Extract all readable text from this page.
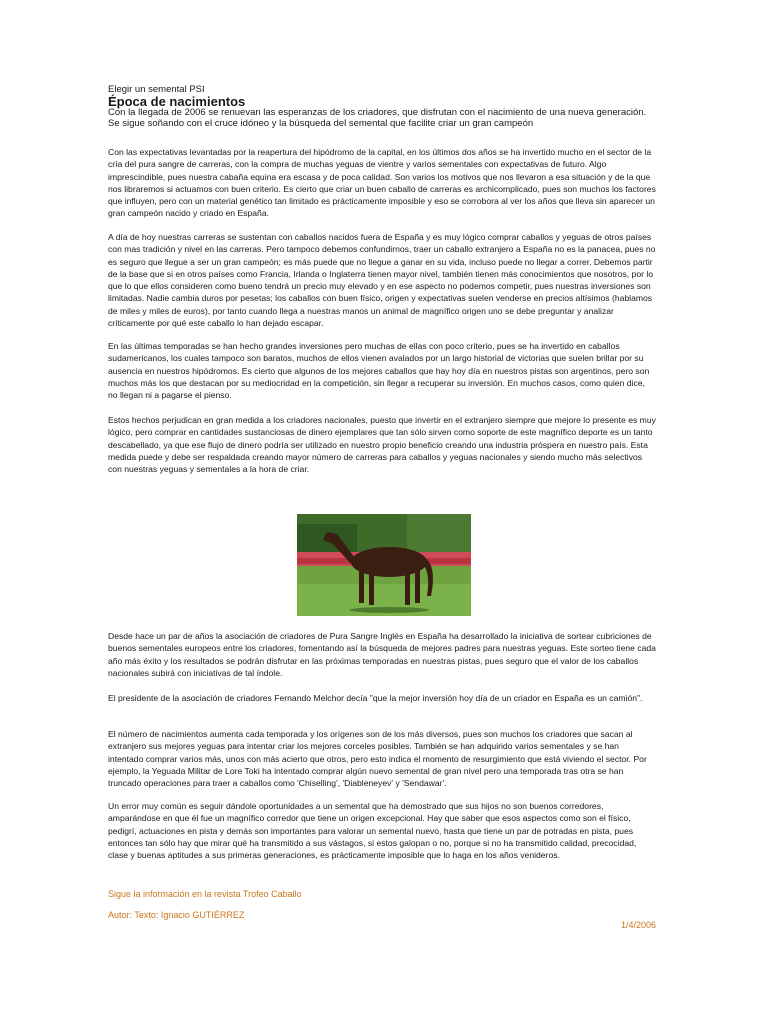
Elegir un semental PSI

Época de nacimientos

Con la llegada de 2006 se renuevan las esperanzas de los criadores, que disfrutan con el nacimiento de una nueva generación. Se sigue soñando con el cruce idóneo y la búsqueda del semental que facilite criar un gran campeón

Con las expectativas levantadas por la reapertura del hipódromo de la capital, en los últimos dos años se ha invertido mucho en el sector de la cría del pura sangre de carreras, con la compra de muchas yeguas de vientre y varios sementales con expectativas de futuro. Algo imprescindible, pues nuestra cabaña equina era escasa y de poca calidad. Son varios los motivos que nos llevaron a esa situación y de la que nos libraremos si actuamos con buen criterio. Es cierto que criar un buen caballo de carreras es archicomplicado, pues son muchos los factores que influyen, pero con un material genético tan limitado es prácticamente imposible y eso se corrobora al ver los años que lleva sin aparecer un gran campeón nacido y criado en España.

A día de hoy nuestras carreras se sustentan con caballos nacidos fuera de España y es muy lógico comprar caballos y yeguas de otros países con mas tradición y nivel en las carreras. Pero tampoco debemos confundirnos, traer un caballo extranjero a España no es la panacea, pues no es seguro que llegue a ser un gran campeón; es más puede que no llegue a ganar en su vida, incluso puede no llegar a correr. Debemos partir de la base que si en otros países como Francia, Irlanda o Inglaterra tienen mayor nivel, también tienen más conocimientos que nosotros, por lo que lo que ellos consideren como bueno tendrá un precio muy elevado y en ese aspecto no podemos competir, pues nuestras inversiones son limitadas. Nadie cambia duros por pesetas; los caballos con buen físico, origen y expectativas suelen venderse en precios altísimos (hablamos de miles y miles de euros), por tanto cuando llega a nuestras manos un animal de magnífico origen uno se debe preguntar y analizar críticamente por qué este caballo lo han dejado escapar.

En las últimas temporadas se han hecho grandes inversiones pero muchas de ellas con poco criterio, pues se ha invertido en caballos sudamericanos, los cuales tampoco son baratos, muchos de ellos vienen avalados por un largo historial de victorias que suelen brillar por su ausencia en nuestros hipódromos. Es cierto que algunos de los mejores caballos que hay hoy día en nuestros pistas son argentinos, pero son muchos más los que destacan por su mediocridad en la competición, sin llegar a recuperar su inversión. En muchos casos, como quien dice, no llegan ni a pagarse el pienso.

Estos hechos perjudican en gran medida a los criadores nacionales, puesto que invertir en el extranjero siempre que mejore lo presente es muy lógico, pero comprar en cantidades sustanciosas de dinero ejemplares que tan sólo sirven como soporte de este magnífico deporte es un tanto descabellado, ya que ese flujo de dinero podría ser utilizado en nuestro propio beneficio creando una industria próspera en nuestro país. Esta medida puede y debe ser respaldada creando mayor número de carreras para caballos y yeguas nacionales y siendo mucho más selectivos con nuestras yeguas y sementales a la hora de criar.

Desde hace un par de años la asociación de criadores de Pura Sangre Inglés en España ha desarrollado la iniciativa de sortear cubriciones de buenos sementales europeos entre los criadores, fomentando así la búsqueda de mejores padres para nuestras yeguas. Este sorteo tiene cada año más éxito y los resultados se podrán disfrutar en las próximas temporadas en nuestras pistas, pues seguro que el valor de los caballos nacionales subirá con iniciativas de tal índole.

El presidente de la asociación de criadores Fernando Melchor decía "que la mejor inversión hoy día de un criador en España es un camión".

El número de nacimientos aumenta cada temporada y los orígenes son de los más diversos, pues son muchos los criadores que sacan al extranjero sus mejores yeguas para intentar criar los mejores corceles posibles. También se han adquirido varios sementales y se han intentado comprar varios más, unos con más acierto que otros, pero esto indica el momento de resurgimiento que está viviendo el sector. Por ejemplo, la Yeguada Militar de Lore Toki ha intentado comprar algún nuevo semental de gran nivel pero una temporada tras otra se han truncado operaciones para traer a caballos como 'Chiselling', 'Diableneyev' y 'Sendawar'.

Un error muy común es seguir dándole oportunidades a un semental que ha demostrado que sus hijos no son buenos corredores, amparándose en que él fue un magnífico corredor que tiene un origen excepcional. Hay que saber que esos aspectos como son el físico, pedigrí, actuaciones en pista y demás son importantes para valorar un semental nuevo, hasta que tiene un par de potradas en pista, pues entonces tan sólo hay que mirar qué ha transmitido a sus vástagos, si estos galopan o no, porque si no ha transmitido calidad, precocidad, clase y buenas aptitudes a sus primeras generaciones, es prácticamente imposible que lo haga en los años venideros.

Sigue la información en la revista Trofeo Caballo
Autor: Texto: Ignacio GUTIÉRREZ
1/4/2006
